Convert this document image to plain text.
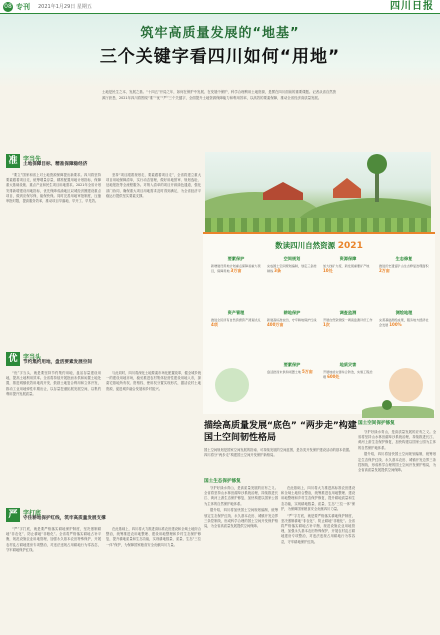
08 专刊 2021年1月29日 星期五	四川日报
筑牢高质量发展的“地基”
三个关键字看四川如何“用地”
土地是民生之本、发展之基。“十四五”开局之年，如何在保护中发展、在发展中保护，科学合理利用土地资源，是摆在四川面前的重要课题。记者从省自然资源厅获悉，2021年四川将围绕“准”“优”“严”三个关键字，全面提升土地资源保障能力和利用效率，以高效的要素保障，推动全省经济高质量发展。
准 字当先
土地保障目标、精准保障稳经济

“要立”国家和省上对土地资源保障提出新要求。四川将坚持要素跟着项目走，统筹增量存量，精准配置用地计划指标，保障重大基础设施、重点产业和民生项目用地需求。2021年全省计划安排新增建设用地指标，优先保障成渝地区双城经济圈建设重点项目，做到应保尽保、能保快保。同时完善用地审批制度，压缩审批时限，提高服务效率，推动项目早落地、早开工、早见效。

坚持“项目跟着规划走、要素跟着项目走”，全省将建立重大项目用地保障清单，实行动态管理，做好用地预审、规划选址、征地报批等全流程服务。对纳入清单的项目开辟绿色通道，强化部门协同，确保重大项目用地需求及时得到满足，为全省经济平稳运行提供坚实要素支撑。

优 字当头
节约集约用地，盘活要素发展空间

“优”字当头，就是要坚持节约集约用地，盘活存量建设用地，提高土地利用效率。全省将持续开展批而未供和闲置土地处置，推进城镇低效用地再开发，鼓励土地复合利用和立体开发，推动工业用地弹性年期出让，以存量挖潜拓展发展空间，以集约利用提升发展质量。

与此同时，四川将深化土地要素市场化配置改革，健全城乡统一的建设用地市场，稳妥推进农村集体经营性建设用地入市，探索宅基地所有权、资格权、使用权分置实现形式，激活农村土地资源，促进城乡融合发展和乡村振兴。

严 字打底
守住耕地保护红线，筑牢高质量发展支撑

“严”字打底，就是要严格落实耕地保护制度，坚决遏制耕地“非农化”、防止耕地“非粮化”。全省将严格落实耕地占补平衡，规范设施农业用地管理，加强永久基本农田特殊保护，开展农村乱占耕地建房专项整治，对违法违规占用耕地行为零容忍，守牢耕地保护红线。

在此基础上，四川将大力推进高标准农田建设和全域土地综合整治，统筹推进农用地整理、建设用地整理和乡村生态保护修复，提升耕地质量和生态功能，实现耕地数量、质量、生态“三位一体”保护，为保障国家粮食安全贡献四川力量。

数读四川自然资源 2021
要素保护
新增建设用地计划重点保障省重大项目，保障用地 3万亩
空间规划
完成国土空间规划编制，划定三条控制线 3条
资源保障
加大找矿力度，新发现重要矿产地 10处
生态修复
推进历史遗留矿山生态修复治理面积 2万亩
资产管理
推进全民所有自然资源资产清查试点 4项
耕地保护
新建高标准农田，守牢耕地保护红线 400万亩
调查监测
开展自然资源统一调查监测评价工作 1次
测绘地理
完善基础测绘成果，服务地方经济社会发展 100%
要素保护
盘活批而未供和闲置土地 5万亩
地质灾害
开展地质灾害综合防治，实施工程治理 600处
描绘高质量发展“底色” “两步走”构建国土空间韧性格局
国土空间规划是国家空间发展的指南、可持续发展的空间蓝图，是各类开发保护建设活动的基本依据。四川将分“两步走”构建国土空间开发保护新格局。
国土空间保护修复

守护好绿水青山，是高质量发展的应有之义。全省将坚持山水林田湖草沙系统治理，持续推进长江、黄河上游生态保护修复，加快构建以国家公园为主体的自然保护地体系。

据介绍，四川将加快国土空间规划编制，统筹划定生态保护红线、永久基本农田、城镇开发边界三条控制线，形成科学合理的国土空间开发保护格局，为全省高质量发展提供空间保障。

国土生态保护修复

守护好绿水青山，是高质量发展的应有之义。全省将坚持山水林田湖草沙系统治理，持续推进长江、黄河上游生态保护修复，加快构建以国家公园为主体的自然保护地体系。

据介绍，四川将加快国土空间规划编制，统筹划定生态保护红线、永久基本农田、城镇开发边界三条控制线，形成科学合理的国土空间开发保护格局，为全省高质量发展提供空间保障。

在此基础上，四川将大力推进高标准农田建设和全域土地综合整治，统筹推进农用地整理、建设用地整理和乡村生态保护修复，提升耕地质量和生态功能，实现耕地数量、质量、生态“三位一体”保护，为保障国家粮食安全贡献四川力量。

“严”字打底，就是要严格落实耕地保护制度，坚决遏制耕地“非农化”、防止耕地“非粮化”。全省将严格落实耕地占补平衡，规范设施农业用地管理，加强永久基本农田特殊保护，开展农村乱占耕地建房专项整治，对违法违规占用耕地行为零容忍，守牢耕地保护红线。
